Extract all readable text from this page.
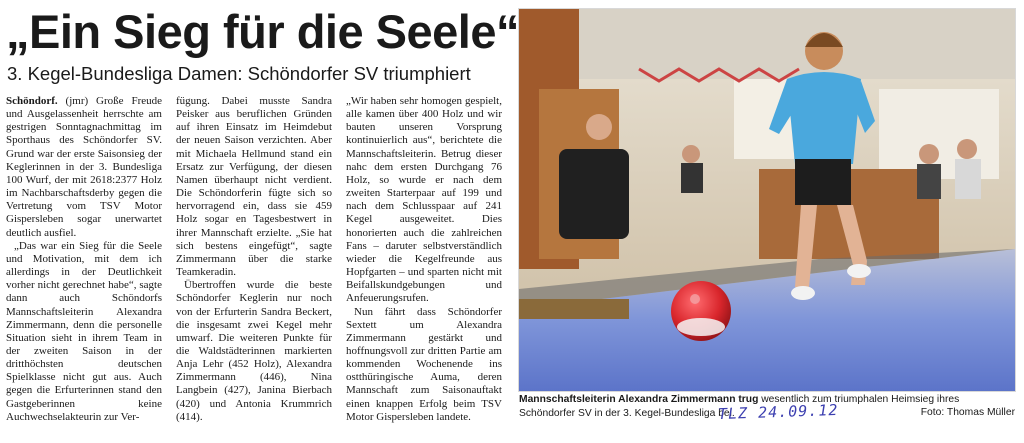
„Ein Sieg für die Seele“
3. Kegel-Bundesliga Damen: Schöndorfer SV triumphiert

Schöndorf. (jmr) Große Freude und Ausgelassenheit herrschte am gestrigen Sonntagnachmittag im Sporthaus des Schöndorfer SV. Grund war der erste Saisonsieg der Keglerinnen in der 3. Bundesliga 100 Wurf, der mit 2618:2377 Holz im Nachbarschaftsderby gegen die Vertretung vom TSV Motor Gispersleben sogar unerwartet deutlich ausfiel.

„Das war ein Sieg für die Seele und Motivation, mit dem ich allerdings in der Deutlichkeit vorher nicht gerechnet habe“, sagte dann auch Schöndorfs Mannschaftsleiterin Alexandra Zimmermann, denn die personelle Situation sieht in ihrem Team in der zweiten Saison in der dritthöchsten deutschen Spielklasse nicht gut aus. Auch gegen die Erfurterinnen stand den Gastgeberinnen keine Auchwechselakteurin zur Ver-

fügung. Dabei musste Sandra Peisker aus beruflichen Gründen auf ihren Einsatz im Heimdebut der neuen Saison verzichten. Aber mit Michaela Hellmund stand ein Ersatz zur Verfügung, der diesen Namen überhaupt nicht verdient. Die Schöndorferin fügte sich so hervorragend ein, dass sie 459 Holz sogar en Tagesbestwert in ihrer Mannschaft erzielte. „Sie hat sich bestens eingefügt“, sagte Zimmermann über die starke Teamkeradin.

Übertroffen wurde die beste Schöndorfer Keglerin nur noch von der Erfurterin Sandra Beckert, die insgesamt zwei Kegel mehr umwarf. Die weiteren Punkte für die Waldstädterinnen markierten Anja Lehr (452 Holz), Alexandra Zimmermann (446), Nina Langbein (427), Janina Bierbach (420) und Antonia Krummrich (414).

„Wir haben sehr homogen gespielt, alle kamen über 400 Holz und wir bauten unseren Vorsprung kontinuierlich aus“, berichtete die Mannschaftsleiterin. Betrug dieser nahc dem ersten Durchgang 76 Holz, so wurde er nach dem zweiten Starterpaar auf 199 und nach dem Schlusspaar auf 241 Kegel ausgeweitet. Dies honorierten auch die zahlreichen Fans – daruter selbstverständlich wieder die Kegelfreunde aus Hopfgarten – und sparten nicht mit Beifallskundgebungen und Anfeuerungsrufen.

Nun fährt dass Schöndorfer Sextett um Alexandra Zimmermann gestärkt und hoffnungsvoll zur dritten Partie am kommenden Wochenende ins ostthüringische Auma, deren Mannschaft zum Saisonauftakt einen knappen Erfolg beim TSV Motor Gispersleben landete.

Mannschaftsleiterin Alexandra Zimmermann trug wesentlich zum triumphalen Heimsieg ihres Schöndorfer SV in der 3. Kegel-Bundesliga bei.
TLZ 24.09.12	Foto: Thomas Müller
